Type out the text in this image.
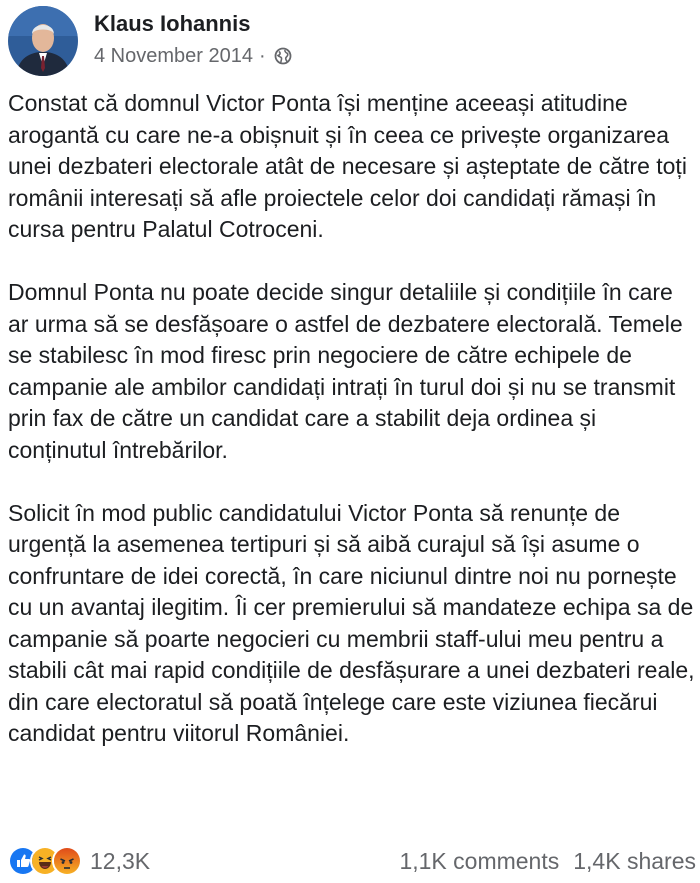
Klaus Iohannis
4 November 2014 ·

Constat că domnul Victor Ponta își menține aceeași atitudine arogantă cu care ne-a obișnuit și în ceea ce privește organizarea unei dezbateri electorale atât de necesare și așteptate de către toți românii interesați să afle proiectele celor doi candidați rămași în cursa pentru Palatul Cotroceni.

Domnul Ponta nu poate decide singur detaliile și condițiile în care ar urma să se desfășoare o astfel de dezbatere electorală. Temele se stabilesc în mod firesc prin negociere de către echipele de campanie ale ambilor candidați intrați în turul doi și nu se transmit prin fax de către un candidat care a stabilit deja ordinea și conținutul întrebărilor.

Solicit în mod public candidatului Victor Ponta să renunțe de urgență la asemenea tertipuri și să aibă curajul să își asume o confruntare de idei corectă, în care niciunul dintre noi nu pornește cu un avantaj ilegitim. Îi cer premierului să mandateze echipa sa de campanie să poarte negocieri cu membrii staff-ului meu pentru a stabili cât mai rapid condițiile de desfășurare a unei dezbateri reale, din care electoratul să poată înțelege care este viziunea fiecărui candidat pentru viitorul României.

12,3K	1,1K comments 1,4K shares
